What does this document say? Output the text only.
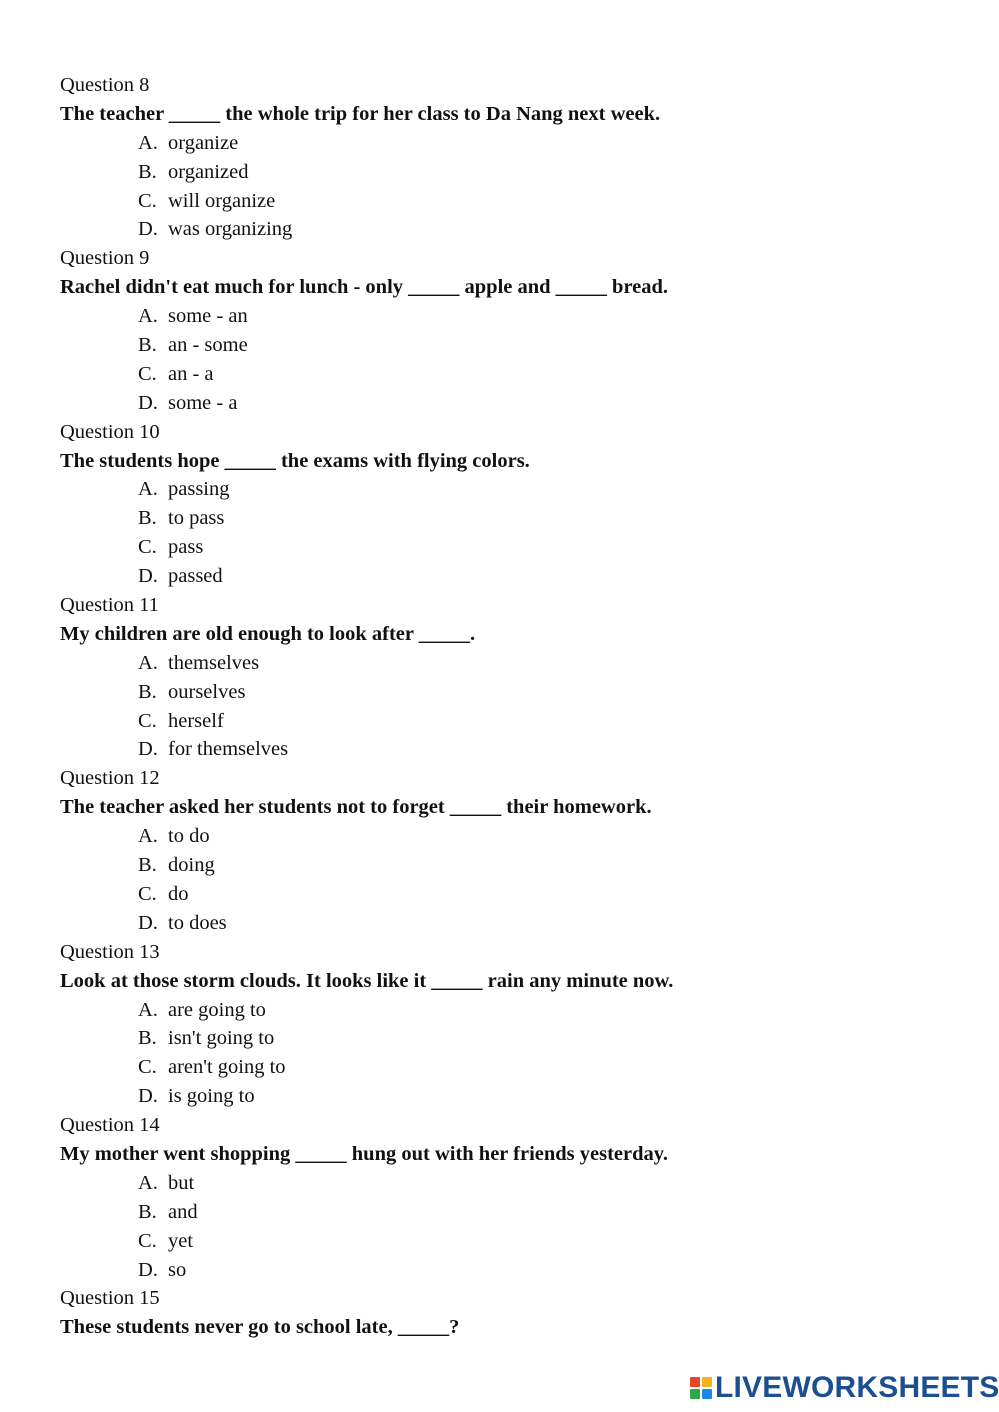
Question 8
The teacher _____ the whole trip for her class to Da Nang next week.
A. organize
B. organized
C. will organize
D. was organizing
Question 9
Rachel didn't eat much for lunch - only _____ apple and _____ bread.
A. some - an
B. an - some
C. an - a
D. some - a
Question 10
The students hope _____ the exams with flying colors.
A. passing
B. to pass
C. pass
D. passed
Question 11
My children are old enough to look after _____.
A. themselves
B. ourselves
C. herself
D. for themselves
Question 12
The teacher asked her students not to forget _____ their homework.
A. to do
B. doing
C. do
D. to does
Question 13
Look at those storm clouds. It looks like it _____ rain any minute now.
A. are going to
B. isn't going to
C. aren't going to
D. is going to
Question 14
My mother went shopping _____ hung out with her friends yesterday.
A. but
B. and
C. yet
D. so
Question 15
These students never go to school late, _____?
LIVEWORKSHEETS
